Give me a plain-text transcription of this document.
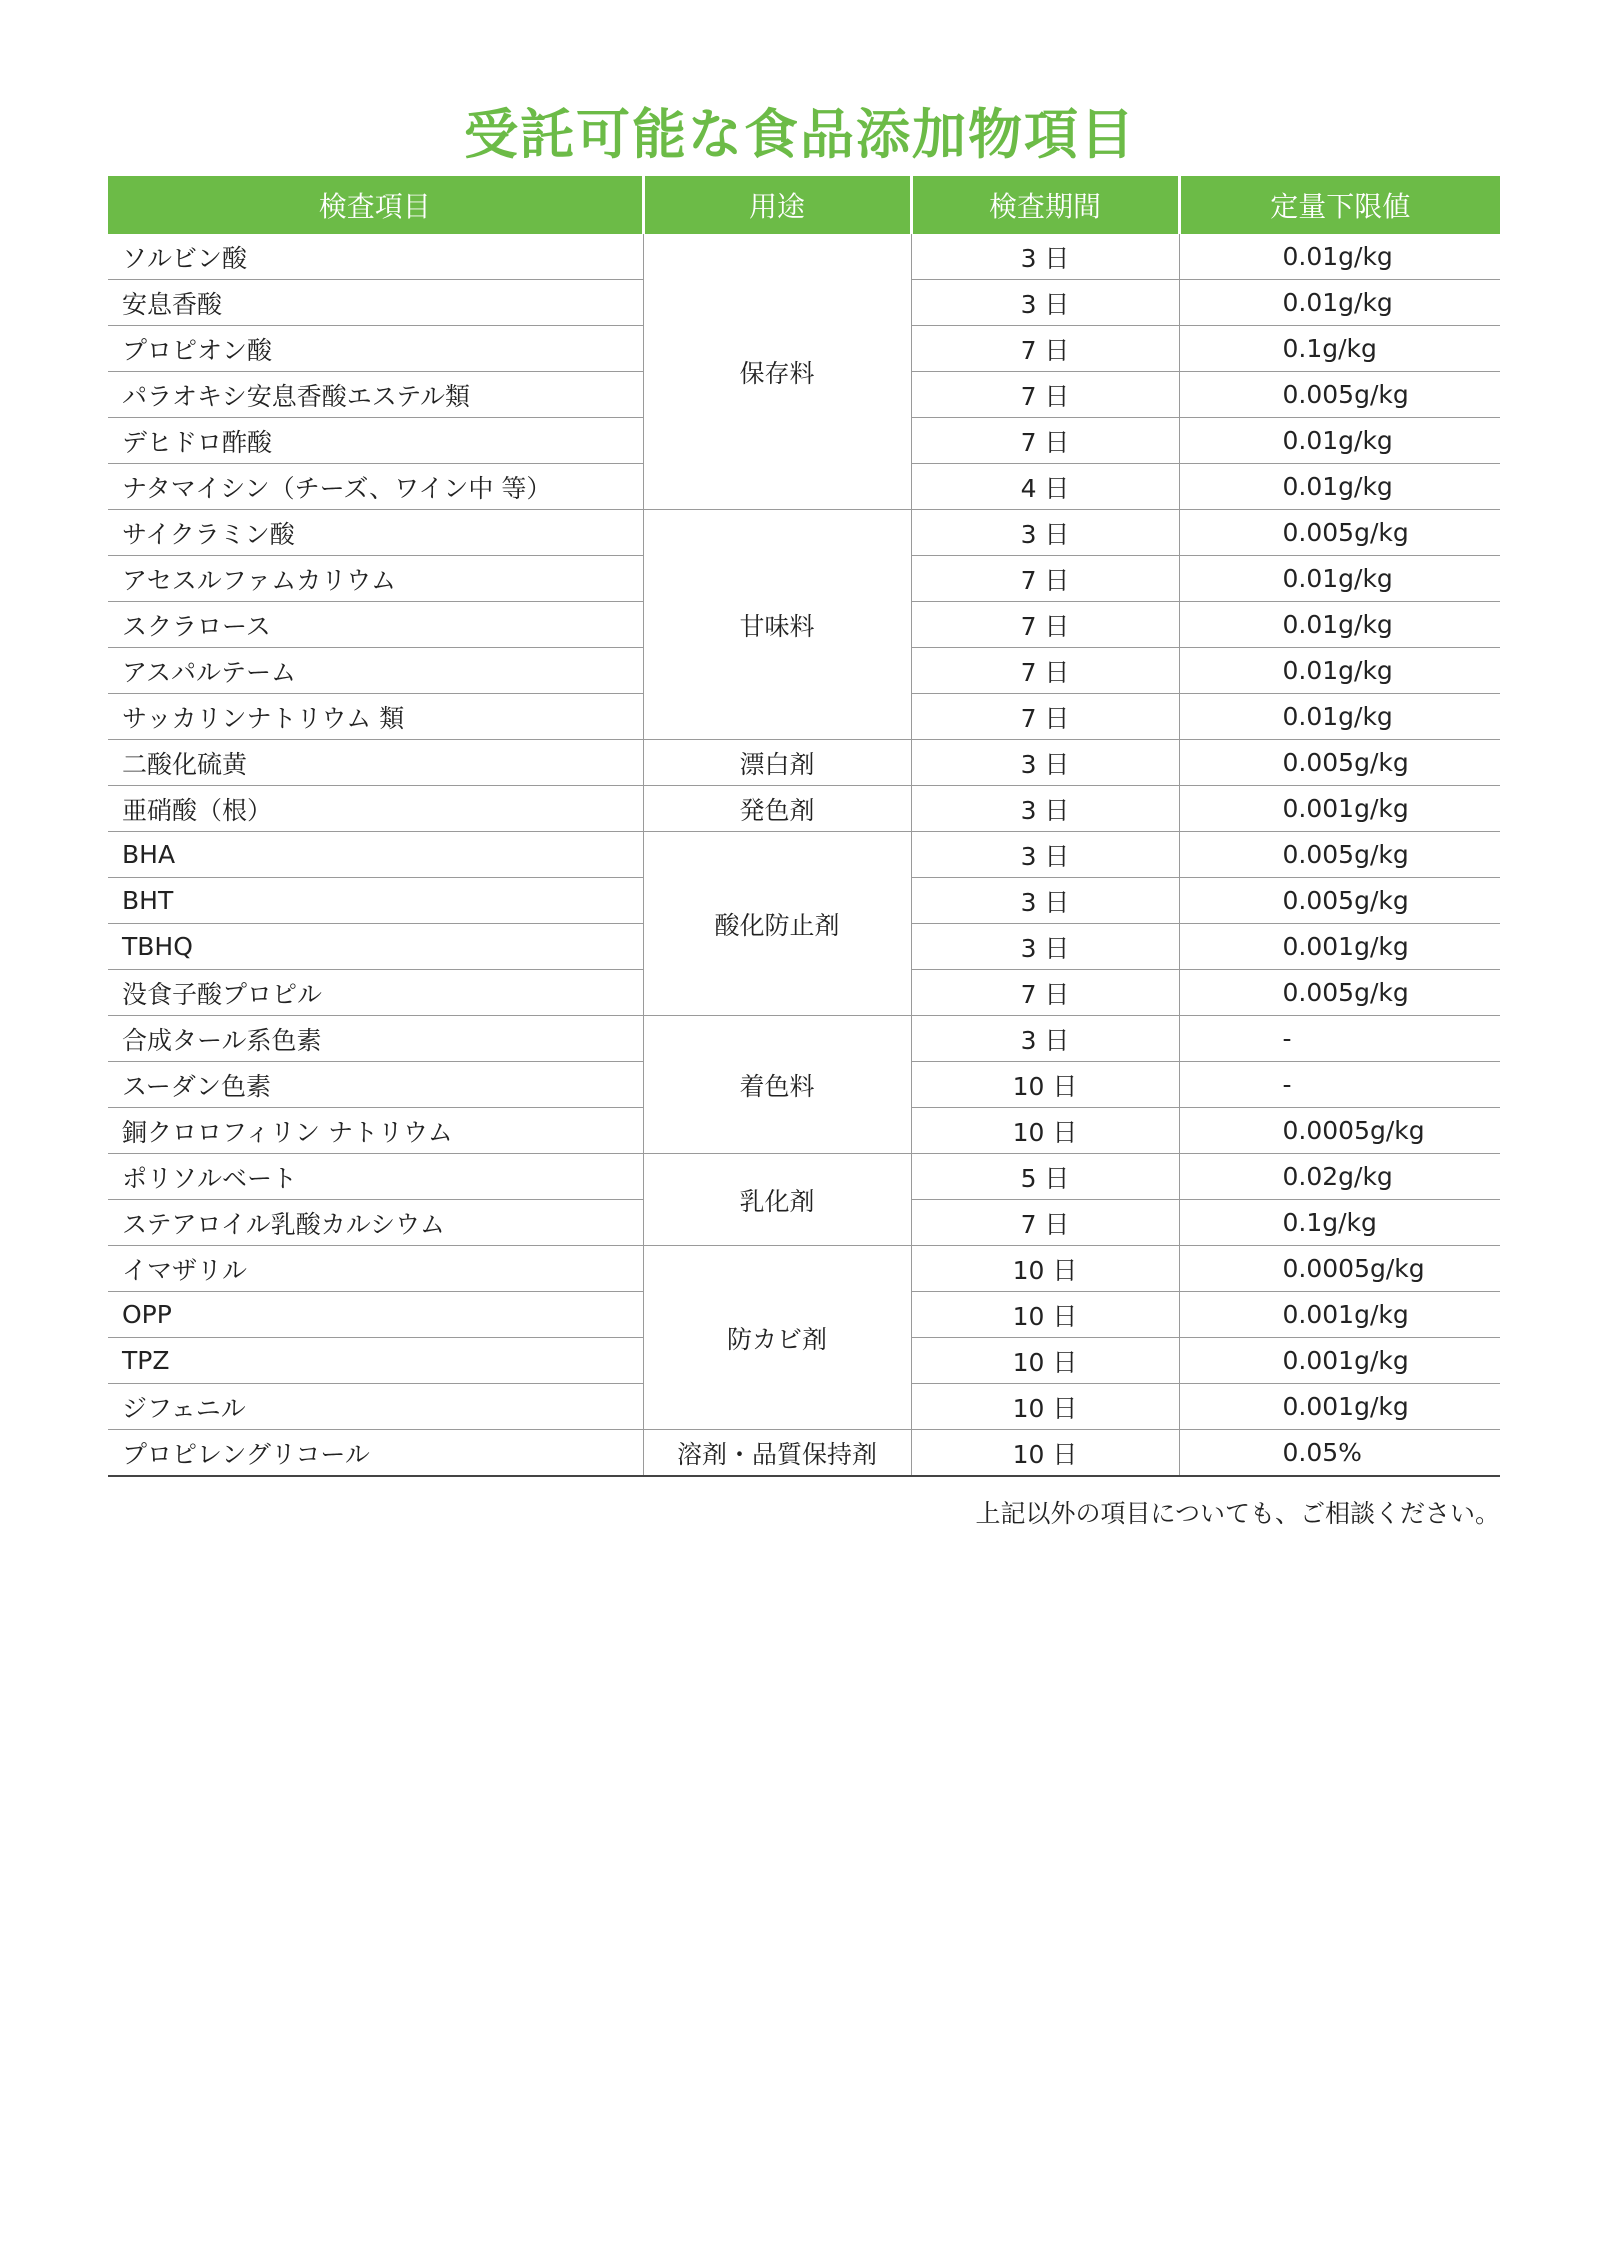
受託可能な食品添加物項目
検査項目	用途	検査期間	定量下限値
ソルビン酸	保存料	3 日	0.01g/kg
安息香酸		3 日	0.01g/kg
プロピオン酸		7 日	0.1g/kg
パラオキシ安息香酸エステル類		7 日	0.005g/kg
デヒドロ酢酸		7 日	0.01g/kg
ナタマイシン（チーズ、ワイン中 等）		4 日	0.01g/kg
サイクラミン酸	甘味料	3 日	0.005g/kg
アセスルファムカリウム		7 日	0.01g/kg
スクラロース		7 日	0.01g/kg
アスパルテーム		7 日	0.01g/kg
サッカリンナトリウム 類		7 日	0.01g/kg
二酸化硫黄	漂白剤	3 日	0.005g/kg
亜硝酸（根）	発色剤	3 日	0.001g/kg
BHA	酸化防止剤	3 日	0.005g/kg
BHT		3 日	0.005g/kg
TBHQ		3 日	0.001g/kg
没食子酸プロピル		7 日	0.005g/kg
合成タール系色素	着色料	3 日	-
スーダン色素		10 日	-
銅クロロフィリン ナトリウム		10 日	0.0005g/kg
ポリソルベート	乳化剤	5 日	0.02g/kg
ステアロイル乳酸カルシウム		7 日	0.1g/kg
イマザリル	防カビ剤	10 日	0.0005g/kg
OPP		10 日	0.001g/kg
TPZ		10 日	0.001g/kg
ジフェニル		10 日	0.001g/kg
プロピレングリコール	溶剤・品質保持剤	10 日	0.05%
上記以外の項目についても、ご相談ください。
